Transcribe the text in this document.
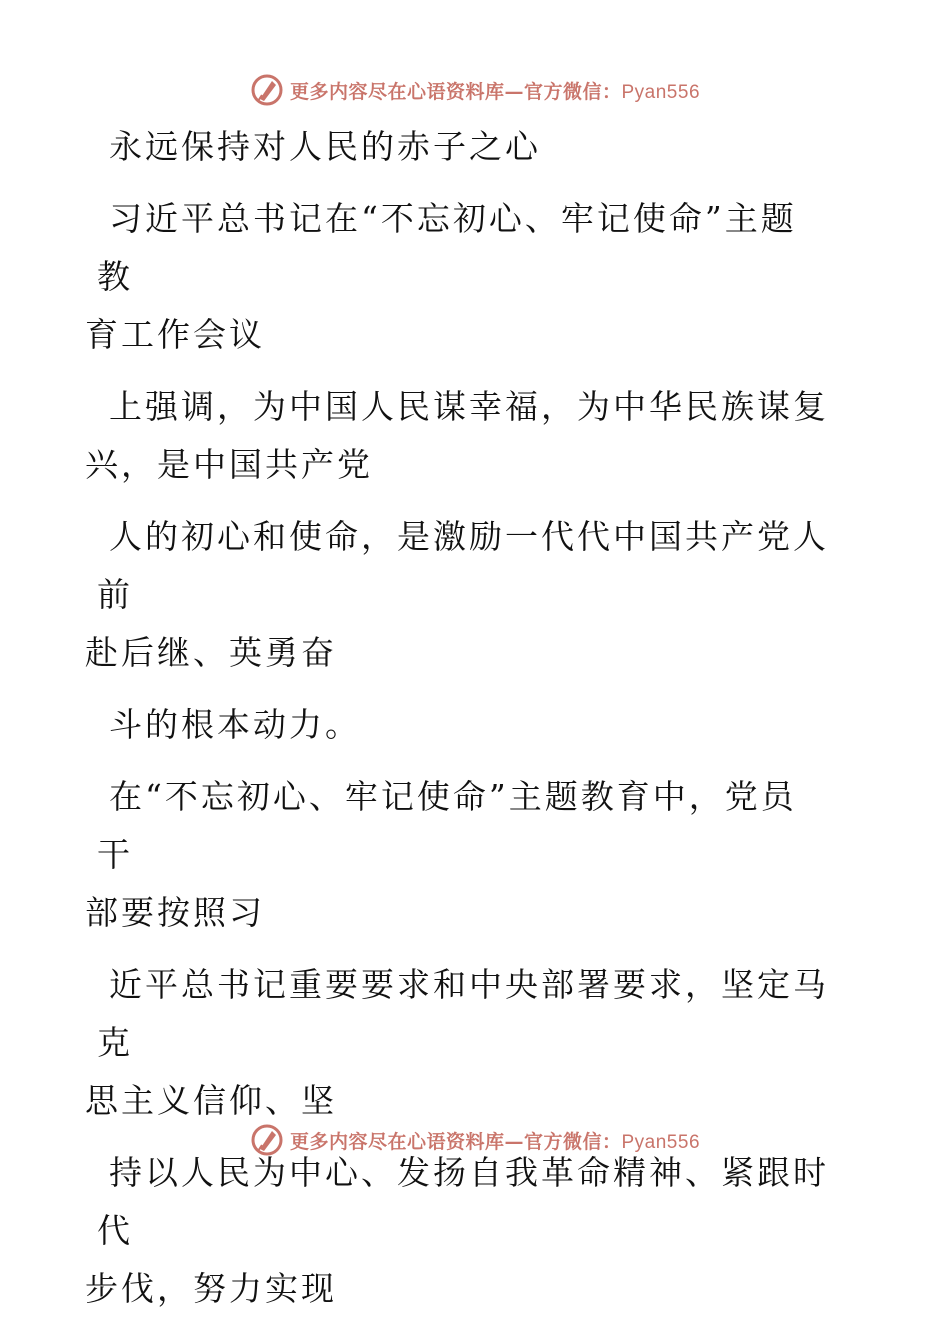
更多内容尽在心语资料库—官方微信：Pyan556
永远保持对人民的赤子之心
习近平总书记在“不忘初心、牢记使命”主题教
育工作会议
上强调，为中国人民谋幸福，为中华民族谋复
兴，是中国共产党
人的初心和使命，是激励一代代中国共产党人前
赴后继、英勇奋
斗的根本动力。
在“不忘初心、牢记使命”主题教育中，党员干
部要按照习
近平总书记重要要求和中央部署要求，坚定马克
思主义信仰、坚
持以人民为中心、发扬自我革命精神、紧跟时代
步伐，努力实现
更多内容尽在心语资料库—官方微信：Pyan556
